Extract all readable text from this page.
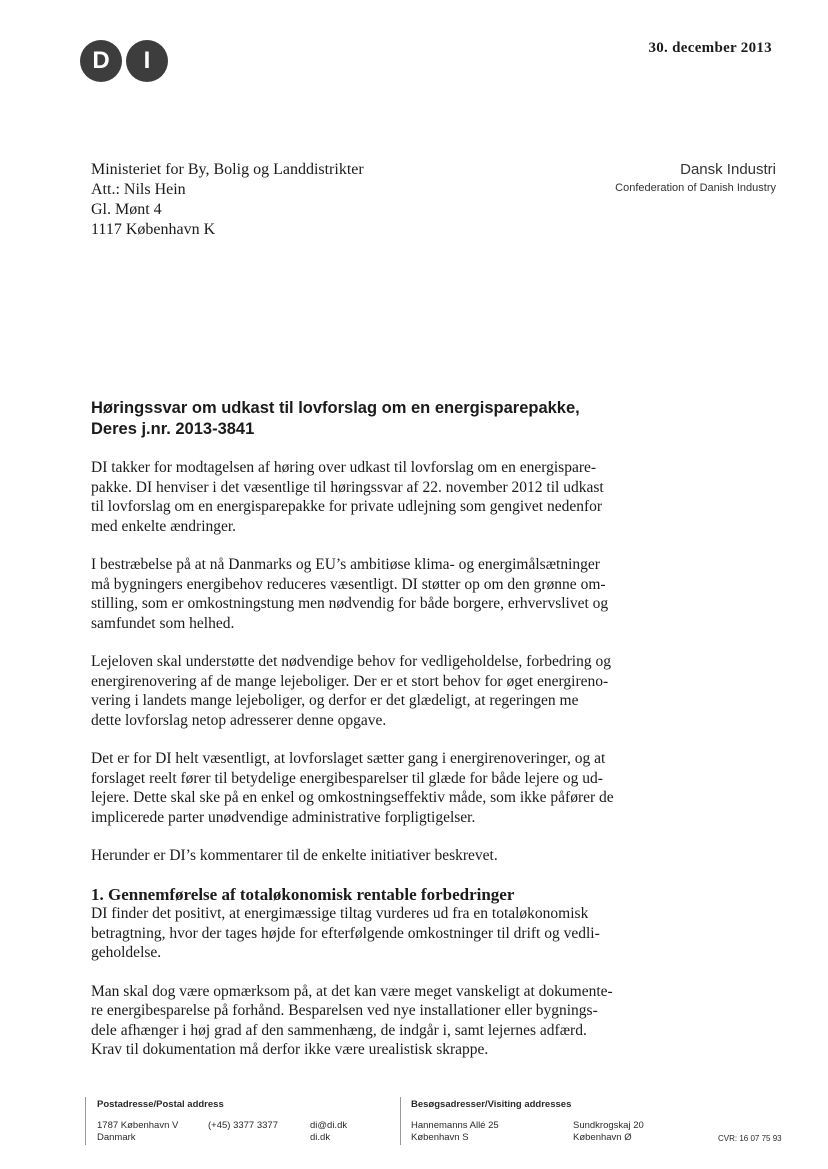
D	I	30. december 2013
Ministeriet for By, Bolig og Landdistrikter
Att.: Nils Hein
Gl. Mønt 4
1117 København K
Dansk Industri
Confederation of Danish Industry
Høringssvar om udkast til lovforslag om en energisparepakke,
Deres j.nr. 2013-3841
DI takker for modtagelsen af høring over udkast til lovforslag om en energispare-
pakke. DI henviser i det væsentlige til høringssvar af 22. november 2012 til udkast
til lovforslag om en energisparepakke for private udlejning som gengivet nedenfor
med enkelte ændringer.
I bestræbelse på at nå Danmarks og EU’s ambitiøse klima- og energimålsætninger
må bygningers energibehov reduceres væsentligt. DI støtter op om den grønne om-
stilling, som er omkostningstung men nødvendig for både borgere, erhvervslivet og
samfundet som helhed.
Lejeloven skal understøtte det nødvendige behov for vedligeholdelse, forbedring og
energirenovering af de mange lejeboliger. Der er et stort behov for øget energireno-
vering i landets mange lejeboliger, og derfor er det glædeligt, at regeringen me
dette lovforslag netop adresserer denne opgave.
Det er for DI helt væsentligt, at lovforslaget sætter gang i energirenoveringer, og at
forslaget reelt fører til betydelige energibesparelser til glæde for både lejere og ud-
lejere. Dette skal ske på en enkel og omkostningseffektiv måde, som ikke påfører de
implicerede parter unødvendige administrative forpligtigelser.
Herunder er DI’s kommentarer til de enkelte initiativer beskrevet.
1. Gennemførelse af totaløkonomisk rentable forbedringer
DI finder det positivt, at energimæssige tiltag vurderes ud fra en totaløkonomisk
betragtning, hvor der tages højde for efterfølgende omkostninger til drift og vedli-
geholdelse.
Man skal dog være opmærksom på, at det kan være meget vanskeligt at dokumente-
re energibesparelse på forhånd. Besparelsen ved nye installationer eller bygnings-
dele afhænger i høj grad af den sammenhæng, de indgår i, samt lejernes adfærd.
Krav til dokumentation må derfor ikke være urealistisk skrappe.
Postadresse/Postal address
1787 København V
Danmark
(+45) 3377 3377	di@di.dk
di.dk
Besøgsadresser/Visiting addresses
Hannemanns Allé 25
København S
Sundkrogskaj 20
København Ø	CVR: 16 07 75 93
